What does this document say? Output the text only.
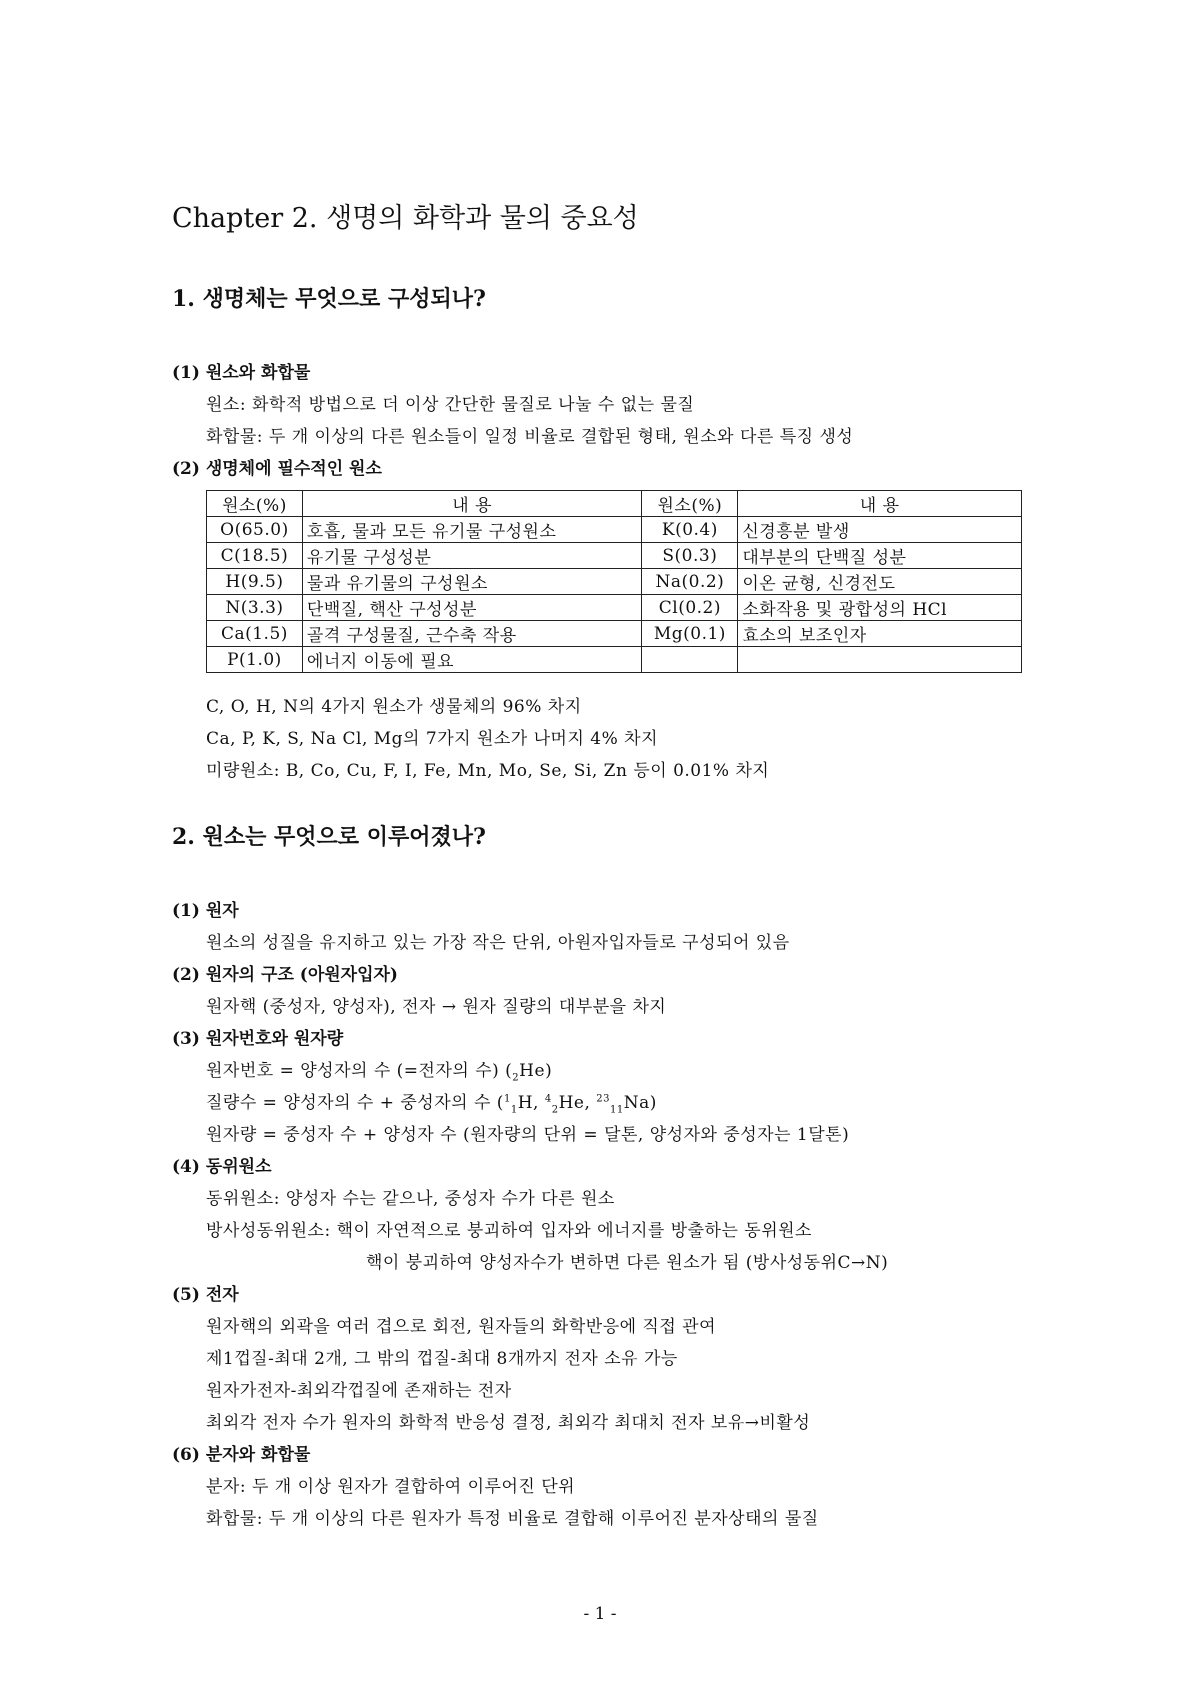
Chapter 2. 생명의 화학과 물의 중요성
1. 생명체는 무엇으로 구성되나?
(1) 원소와 화합물
원소: 화학적 방법으로 더 이상 간단한 물질로 나눌 수 없는 물질
화합물: 두 개 이상의 다른 원소들이 일정 비율로 결합된 형태, 원소와 다른 특징 생성
(2) 생명체에 필수적인 원소
원소(%)	내 용	원소(%)	내 용
O(65.0)	호흡, 물과 모든 유기물 구성원소	K(0.4)	신경흥분 발생
C(18.5)	유기물 구성성분	S(0.3)	대부분의 단백질 성분
H(9.5)	물과 유기물의 구성원소	Na(0.2)	이온 균형, 신경전도
N(3.3)	단백질, 핵산 구성성분	Cl(0.2)	소화작용 및 광합성의 HCl
Ca(1.5)	골격 구성물질, 근수축 작용	Mg(0.1)	효소의 보조인자
P(1.0)	에너지 이동에 필요		
C, O, H, N의 4가지 원소가 생물체의 96% 차지
Ca, P, K, S, Na Cl, Mg의 7가지 원소가 나머지 4% 차지
미량원소: B, Co, Cu, F, I, Fe, Mn, Mo, Se, Si, Zn 등이 0.01% 차지
2. 원소는 무엇으로 이루어졌나?
(1) 원자
원소의 성질을 유지하고 있는 가장 작은 단위, 아원자입자들로 구성되어 있음
(2) 원자의 구조 (아원자입자)
원자핵 (중성자, 양성자), 전자 → 원자 질량의 대부분을 차지
(3) 원자번호와 원자량
원자번호 = 양성자의 수 (=전자의 수) $(_2He)$
질량수 = 양성자의 수 + 중성자의 수 ($^1_1$H, $^4_2$He, $^{23}_{11}$Na)
원자량 = 중성자 수 + 양성자 수 (원자량의 단위 = 달톤, 양성자와 중성자는 1달톤)
(4) 동위원소
동위원소: 양성자 수는 같으나, 중성자 수가 다른 원소
방사성동위원소: 핵이 자연적으로 붕괴하여 입자와 에너지를 방출하는 동위원소
핵이 붕괴하여 양성자수가 변하면 다른 원소가 됨 (방사성동위C→N)
(5) 전자
원자핵의 외곽을 여러 겹으로 회전, 원자들의 화학반응에 직접 관여
제1껍질-최대 2개, 그 밖의 껍질-최대 8개까지 전자 소유 가능
원자가전자-최외각껍질에 존재하는 전자
최외각 전자 수가 원자의 화학적 반응성 결정, 최외각 최대치 전자 보유→비활성
(6) 분자와 화합물
분자: 두 개 이상 원자가 결합하여 이루어진 단위
화합물: 두 개 이상의 다른 원자가 특정 비율로 결합해 이루어진 분자상태의 물질
- 1 -
